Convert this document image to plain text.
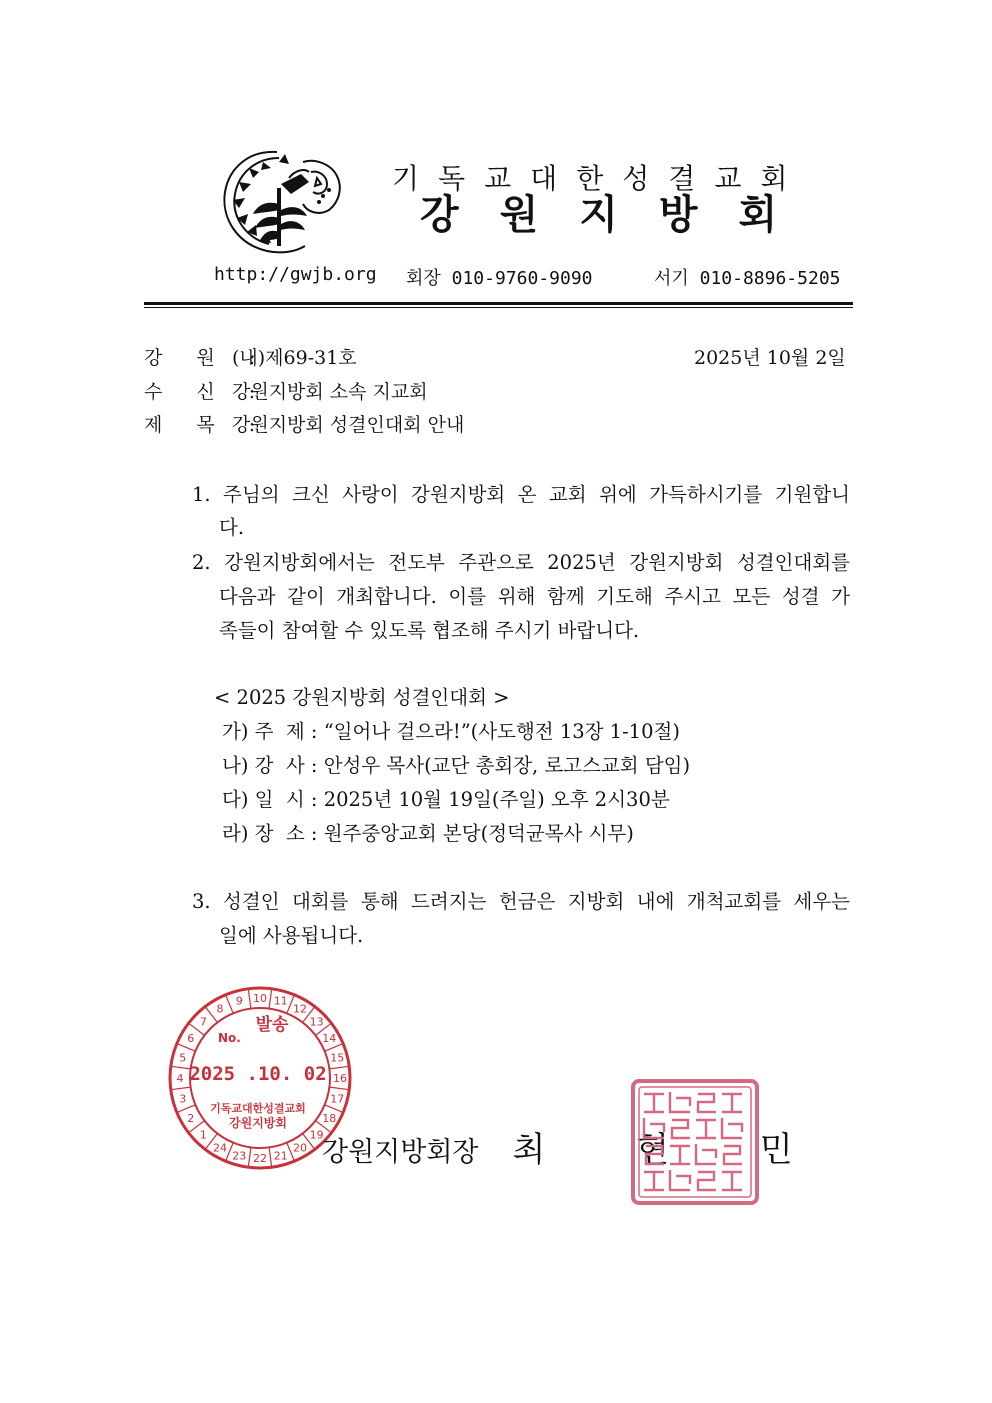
기독교대한성결교회
강원지방회
http://gwjb.org 회장 010-9760-9090	서기 010-8896-5205
강 원 :(내)제69-31호	2025년 10월 2일
수 신 :강원지방회 소속 지교회
제 목 :강원지방회 성결인대회 안내
1. 주님의 크신 사랑이 강원지방회 온 교회 위에 가득하시기를 기원합니
다.
2. 강원지방회에서는 전도부 주관으로 2025년 강원지방회 성결인대회를
다음과 같이 개최합니다. 이를 위해 함께 기도해 주시고 모든 성결 가
족들이 참여할 수 있도록 협조해 주시기 바랍니다.
< 2025 강원지방회 성결인대회 >
가) 주  제 : “일어나 걸으라!”(사도행전 13장 1-10절)
나) 강  사 : 안성우 목사(교단 총회장, 로고스교회 담임)
다) 일  시 : 2025년 10월 19일(주일) 오후 2시30분
라) 장  소 : 원주중앙교회 본당(정덕균목사 시무)
3. 성결인 대회를 통해 드려지는 헌금은 지방회 내에 개척교회를 세우는
일에 사용됩니다.
1
2
3
4
5
6
7
8
9 10 11
12
13
14
15
16
17
18
19
20
21
22
23
24
No.
발송
2025 .10. 02
기독교대한성결교회
강원지방회
강원지방회장 최 현 민
